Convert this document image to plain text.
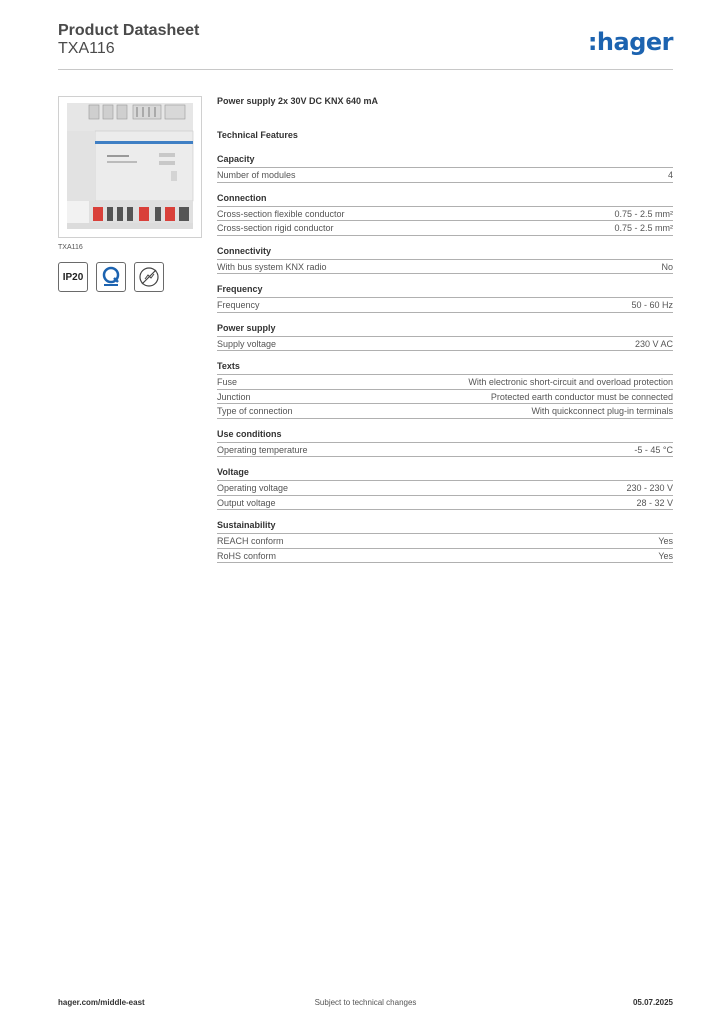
Product Datasheet
TXA116	:hager
TXA116
IP20
Power supply 2x 30V DC KNX 640 mA
Technical Features
Capacity
Number of modules	4
Connection
Cross-section flexible conductor	0.75 - 2.5 mm²
Cross-section rigid conductor	0.75 - 2.5 mm²
Connectivity
With bus system KNX radio	No
Frequency
Frequency	50 - 60 Hz
Power supply
Supply voltage	230 V AC
Texts
Fuse	With electronic short-circuit and overload protection
Junction	Protected earth conductor must be connected
Type of connection	With quickconnect plug-in terminals
Use conditions
Operating temperature	-5 - 45 °C
Voltage
Operating voltage	230 - 230 V
Output voltage	28 - 32 V
Sustainability
REACH conform	Yes
RoHS conform	Yes
hager.com/middle-east	Subject to technical changes	05.07.2025
